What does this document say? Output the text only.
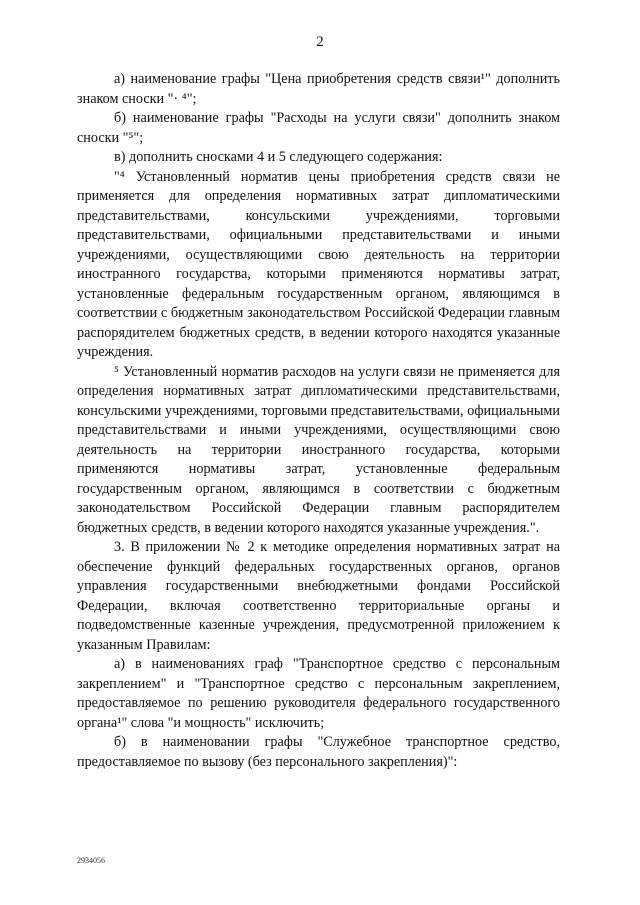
2

а) наименование графы "Цена приобретения средств связи¹" дополнить знаком сноски "· ⁴";

б) наименование графы "Расходы на услуги связи" дополнить знаком сноски "⁵";

в) дополнить сносками 4 и 5 следующего содержания:

"⁴ Установленный норматив цены приобретения средств связи не применяется для определения нормативных затрат дипломатическими представительствами, консульскими учреждениями, торговыми представительствами, официальными представительствами и иными учреждениями, осуществляющими свою деятельность на территории иностранного государства, которыми применяются нормативы затрат, установленные федеральным государственным органом, являющимся в соответствии с бюджетным законодательством Российской Федерации главным распорядителем бюджетных средств, в ведении которого находятся указанные учреждения.

⁵ Установленный норматив расходов на услуги связи не применяется для определения нормативных затрат дипломатическими представительствами, консульскими учреждениями, торговыми представительствами, официальными представительствами и иными учреждениями, осуществляющими свою деятельность на территории иностранного государства, которыми применяются нормативы затрат, установленные федеральным государственным органом, являющимся в соответствии с бюджетным законодательством Российской Федерации главным распорядителем бюджетных средств, в ведении которого находятся указанные учреждения.".

3. В приложении № 2 к методике определения нормативных затрат на обеспечение функций федеральных государственных органов, органов управления государственными внебюджетными фондами Российской Федерации, включая соответственно территориальные органы и подведомственные казенные учреждения, предусмотренной приложением к указанным Правилам:

а) в наименованиях граф "Транспортное средство с персональным закреплением" и "Транспортное средство с персональным закреплением, предоставляемое по решению руководителя федерального государственного органа¹" слова "и мощность" исключить;

б) в наименовании графы "Служебное транспортное средство, предоставляемое по вызову (без персонального закрепления)":

2934056
